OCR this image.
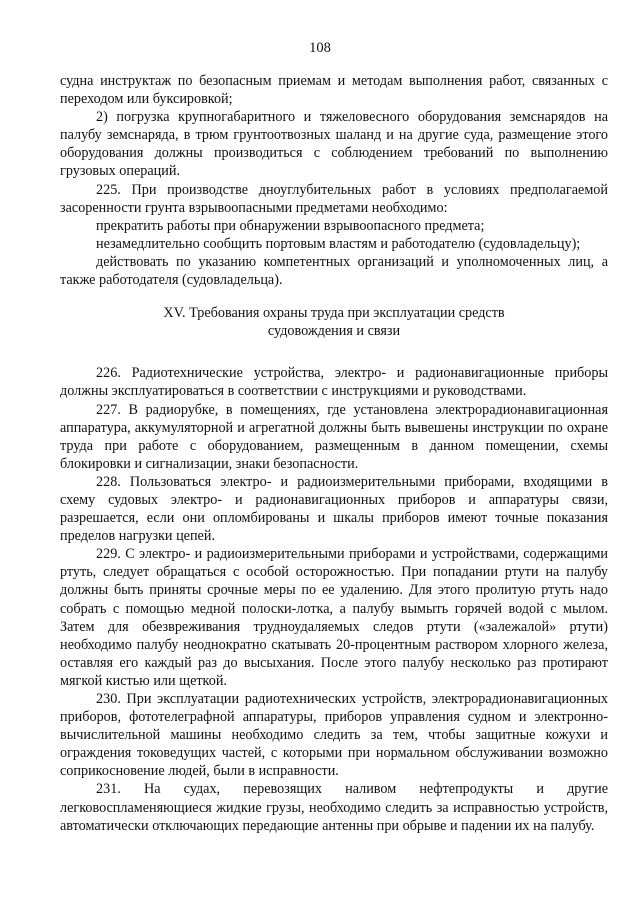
108

судна инструктаж по безопасным приемам и методам выполнения работ, связанных с переходом или буксировкой;

2) погрузка крупногабаритного и тяжеловесного оборудования земснарядов на палубу земснаряда, в трюм грунтоотвозных шаланд и на другие суда, размещение этого оборудования должны производиться с соблюдением требований по выполнению грузовых операций.

225. При производстве дноуглубительных работ в условиях предполагаемой засоренности грунта взрывоопасными предметами необходимо:

прекратить работы при обнаружении взрывоопасного предмета;

незамедлительно сообщить портовым властям и работодателю (судовладельцу);

действовать по указанию компетентных организаций и уполномоченных лиц, а также работодателя (судовладельца).

XV. Требования охраны труда при эксплуатации средств
судовождения и связи

226. Радиотехнические устройства, электро- и радионавигационные приборы должны эксплуатироваться в соответствии с инструкциями и руководствами.

227. В радиорубке, в помещениях, где установлена электрорадионавигационная аппаратура, аккумуляторной и агрегатной должны быть вывешены инструкции по охране труда при работе с оборудованием, размещенным в данном помещении, схемы блокировки и сигнализации, знаки безопасности.

228. Пользоваться электро- и радиоизмерительными приборами, входящими в схему судовых электро- и радионавигационных приборов и аппаратуры связи, разрешается, если они опломбированы и шкалы приборов имеют точные показания пределов нагрузки цепей.

229. С электро- и радиоизмерительными приборами и устройствами, содержащими ртуть, следует обращаться с особой осторожностью. При попадании ртути на палубу должны быть приняты срочные меры по ее удалению. Для этого пролитую ртуть надо собрать с помощью медной полоски-лотка, а палубу вымыть горячей водой с мылом. Затем для обезвреживания трудноудаляемых следов ртути («залежалой» ртути) необходимо палубу неоднократно скатывать 20-процентным раствором хлорного железа, оставляя его каждый раз до высыхания. После этого палубу несколько раз протирают мягкой кистью или щеткой.

230. При эксплуатации радиотехнических устройств, электрорадионавигационных приборов, фототелеграфной аппаратуры, приборов управления судном и электронно-вычислительной машины необходимо следить за тем, чтобы защитные кожухи и ограждения токоведущих частей, с которыми при нормальном обслуживании возможно соприкосновение людей, были в исправности.

231. На судах, перевозящих наливом нефтепродукты и другие легковоспламеняющиеся жидкие грузы, необходимо следить за исправностью устройств, автоматически отключающих передающие антенны при обрыве и падении их на палубу.
